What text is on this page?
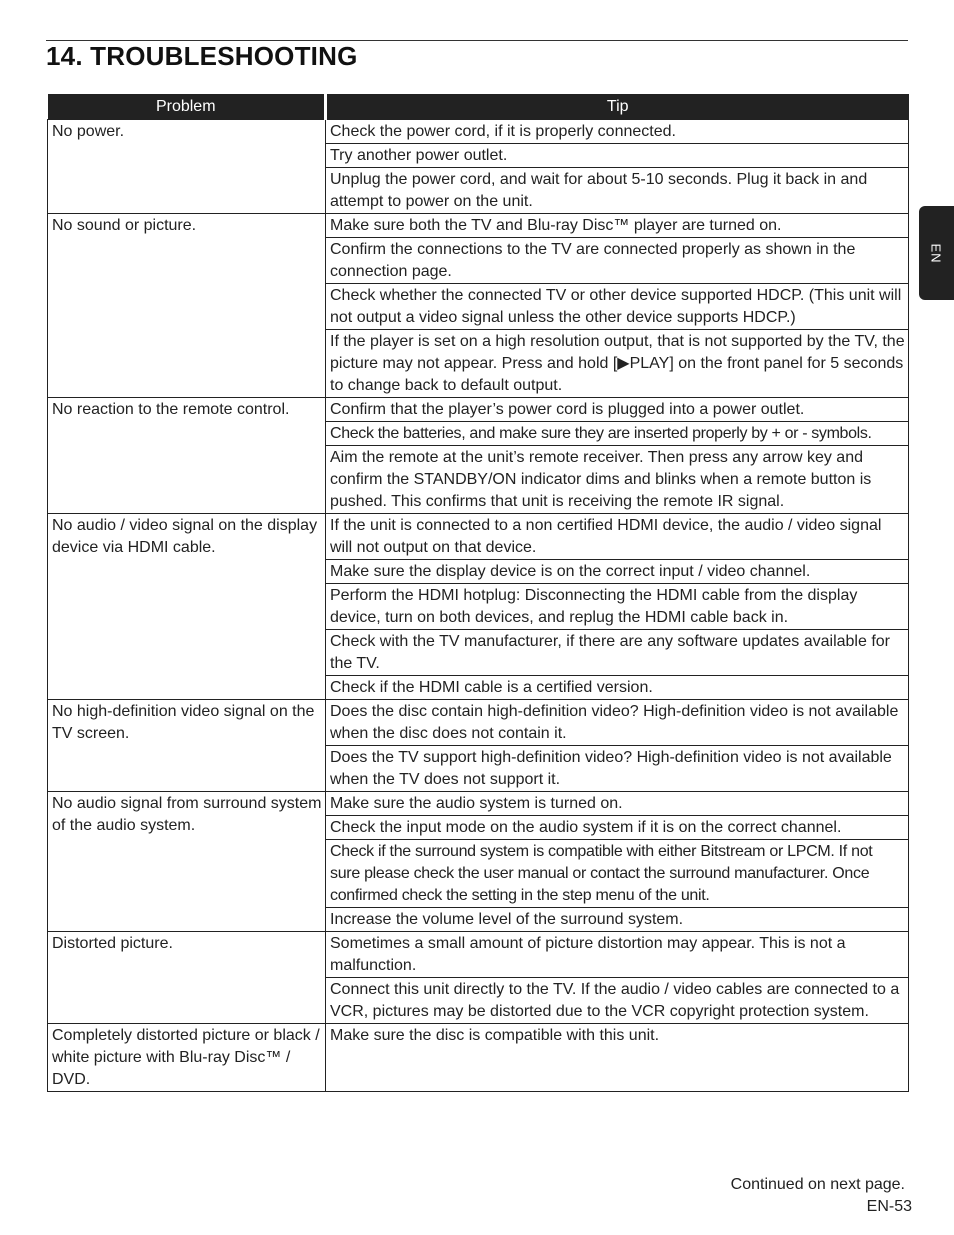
14. TROUBLESHOOTING
EN
Problem	Tip
No power.	Check the power cord, if it is properly connected.
	Try another power outlet.
	Unplug the power cord, and wait for about 5-10 seconds. Plug it back in and attempt to power on the unit.
No sound or picture.	Make sure both the TV and Blu-ray Disc™ player are turned on.
	Confirm the connections to the TV are connected properly as shown in the connection page.
	Check whether the connected TV or other device supported HDCP. (This unit will not output a video signal unless the other device supports HDCP.)
	If the player is set on a high resolution output, that is not supported by the TV, the picture may not appear. Press and hold [▶PLAY] on the front panel for 5 seconds to change back to default output.
No reaction to the remote control.	Confirm that the player’s power cord is plugged into a power outlet.
	Check the batteries, and make sure they are inserted properly by + or - symbols.
	Aim the remote at the unit’s remote receiver. Then press any arrow key and confirm the STANDBY/ON indicator dims and blinks when a remote button is pushed. This confirms that unit is receiving the remote IR signal.
No audio / video signal on the display device via HDMI cable.	If the unit is connected to a non certified HDMI device, the audio / video signal will not output on that device.
	Make sure the display device is on the correct input / video channel.
	Perform the HDMI hotplug: Disconnecting the HDMI cable from the display device, turn on both devices, and replug the HDMI cable back in.
	Check with the TV manufacturer, if there are any software updates available for the TV.
	Check if the HDMI cable is a certified version.
No high-definition video signal on the TV screen.	Does the disc contain high-definition video? High-definition video is not available when the disc does not contain it.
	Does the TV support high-definition video? High-definition video is not available when the TV does not support it.
No audio signal from surround system of the audio system.	Make sure the audio system is turned on.
	Check the input mode on the audio system if it is on the correct channel.
	Check if the surround system is compatible with either Bitstream or LPCM. If not sure please check the user manual or contact the surround manufacturer. Once confirmed check the setting in the step menu of the unit.
	Increase the volume level of the surround system.
Distorted picture.	Sometimes a small amount of picture distortion may appear. This is not a malfunction.
	Connect this unit directly to the TV. If the audio / video cables are connected to a VCR, pictures may be distorted due to the VCR copyright protection system.
Completely distorted picture or black / white picture with Blu-ray Disc™ / DVD.	Make sure the disc is compatible with this unit.
Continued on next page.
EN-53
